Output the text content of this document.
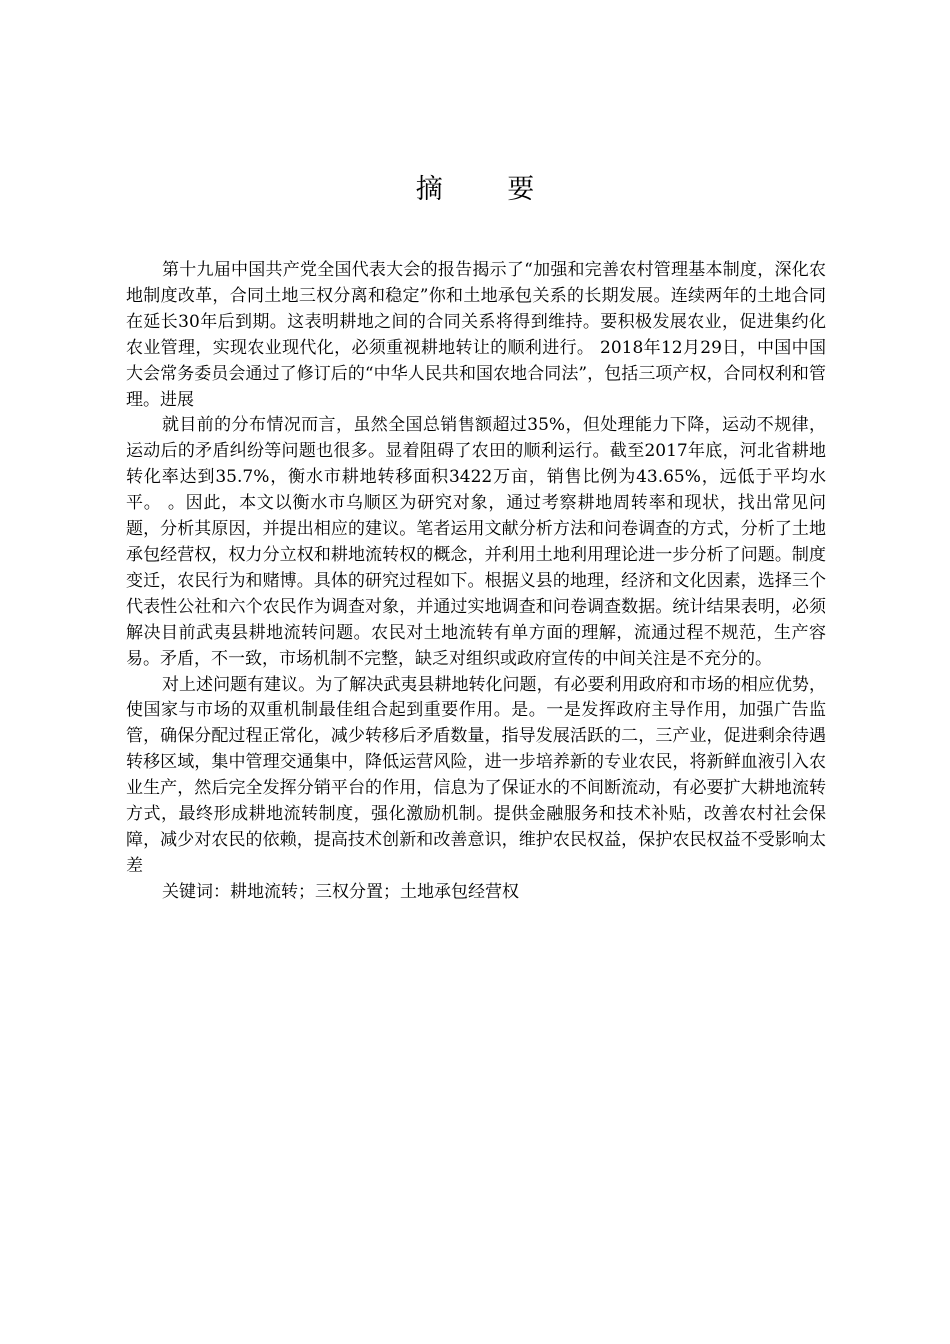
摘 要

第十九届中国共产党全国代表大会的报告揭示了“加强和完善农村管理基本制度，深化农地制度改革，合同土地三权分离和稳定”你和土地承包关系的长期发展。连续两年的土地合同在延长30年后到期。这表明耕地之间的合同关系将得到维持。要积极发展农业，促进集约化农业管理，实现农业现代化，必须重视耕地转让的顺利进行。 2018年12月29日，中国中国大会常务委员会通过了修订后的“中华人民共和国农地合同法”，包括三项产权，合同权利和管理。进展

就目前的分布情况而言，虽然全国总销售额超过35%，但处理能力下降，运动不规律，运动后的矛盾纠纷等问题也很多。显着阻碍了农田的顺利运行。截至2017年底，河北省耕地转化率达到35.7%，衡水市耕地转移面积3422万亩，销售比例为43.65%，远低于平均水平。 。因此，本文以衡水市乌顺区为研究对象，通过考察耕地周转率和现状，找出常见问题，分析其原因，并提出相应的建议。笔者运用文献分析方法和问卷调查的方式，分析了土地承包经营权，权力分立权和耕地流转权的概念，并利用土地利用理论进一步分析了问题。制度变迁，农民行为和赌博。具体的研究过程如下。根据义县的地理，经济和文化因素，选择三个代表性公社和六个农民作为调查对象，并通过实地调查和问卷调查数据。统计结果表明，必须解决目前武夷县耕地流转问题。农民对土地流转有单方面的理解，流通过程不规范，生产容易。矛盾，不一致，市场机制不完整，缺乏对组织或政府宣传的中间关注是不充分的。

对上述问题有建议。为了解决武夷县耕地转化问题，有必要利用政府和市场的相应优势，使国家与市场的双重机制最佳组合起到重要作用。是。一是发挥政府主导作用，加强广告监管，确保分配过程正常化，减少转移后矛盾数量，指导发展活跃的二，三产业，促进剩余待遇转移区域，集中管理交通集中，降低运营风险，进一步培养新的专业农民，将新鲜血液引入农业生产，然后完全发挥分销平台的作用，信息为了保证水的不间断流动，有必要扩大耕地流转方式，最终形成耕地流转制度，强化激励机制。提供金融服务和技术补贴，改善农村社会保障，减少对农民的依赖，提高技术创新和改善意识，维护农民权益，保护农民权益不受影响太差

关键词：耕地流转；三权分置；土地承包经营权
